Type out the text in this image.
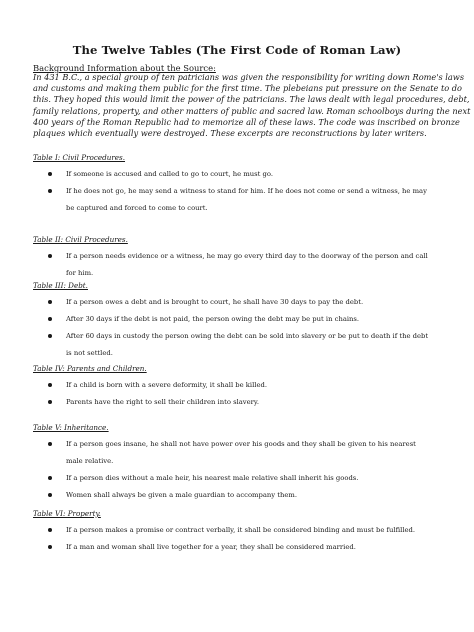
The Twelve Tables (The First Code of Roman Law)
Background Information about the Source:
In 431 B.C., a special group of ten patricians was given the responsibility for writing down Rome's laws
and customs and making them public for the first time. The plebeians put pressure on the Senate to do
this. They hoped this would limit the power of the patricians. The laws dealt with legal procedures, debt,
family relations, property, and other matters of public and sacred law. Roman schoolboys during the next
400 years of the Roman Republic had to memorize all of these laws. The code was inscribed on bronze
plaques which eventually were destroyed. These excerpts are reconstructions by later writers.
Table I: Civil Procedures.
If someone is accused and called to go to court, he must go.
If he does not go, he may send a witness to stand for him. If he does not come or send a witness, he may
be captured and forced to come to court.
Table II: Civil Procedures.
If a person needs evidence or a witness, he may go every third day to the doorway of the person and call
for him.
Table III: Debt.
If a person owes a debt and is brought to court, he shall have 30 days to pay the debt.
After 30 days if the debt is not paid, the person owing the debt may be put in chains.
After 60 days in custody the person owing the debt can be sold into slavery or be put to death if the debt
is not settled.
Table IV: Parents and Children.
If a child is born with a severe deformity, it shall be killed.
Parents have the right to sell their children into slavery.
Table V: Inheritance.
If a person goes insane, he shall not have power over his goods and they shall be given to his nearest
male relative.
If a person dies without a male heir, his nearest male relative shall inherit his goods.
Women shall always be given a male guardian to accompany them.
Table VI: Property.
If a person makes a promise or contract verbally, it shall be considered binding and must be fulfilled.
If a man and woman shall live together for a year, they shall be considered married.
